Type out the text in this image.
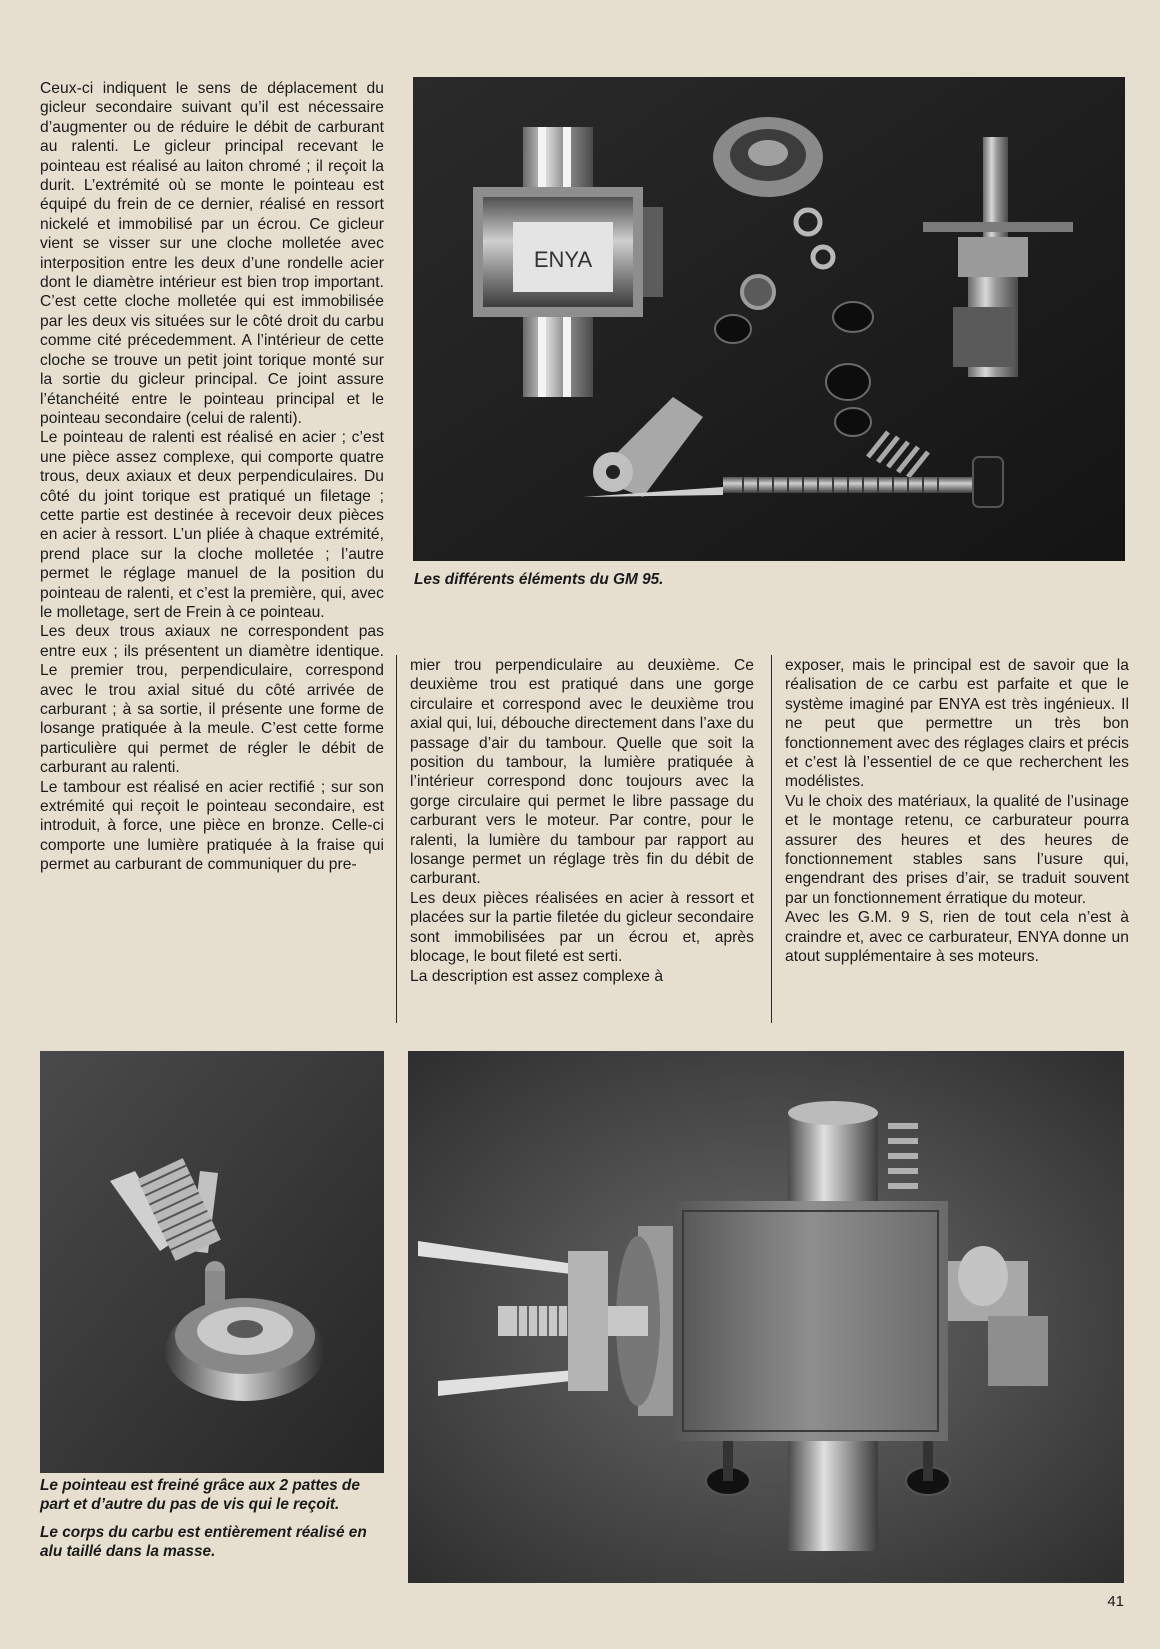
Ceux-ci indiquent le sens de déplacement du gicleur secondaire suivant qu’il est nécessaire d’augmenter ou de réduire le débit de carburant au ralenti. Le gicleur principal recevant le pointeau est réalisé au laiton chromé ; il reçoit la durit. L’extrémité où se monte le pointeau est équipé du frein de ce dernier, réalisé en ressort nickelé et immobilisé par un écrou. Ce gicleur vient se visser sur une cloche molletée avec interposition entre les deux d’une rondelle acier dont le diamètre intérieur est bien trop important. C’est cette cloche molletée qui est immobilisée par les deux vis situées sur le côté droit du carbu comme cité précedemment. A l’intérieur de cette cloche se trouve un petit joint torique monté sur la sortie du gicleur principal. Ce joint assure l’étanchéité entre le pointeau principal et le pointeau secondaire (celui de ralenti).

Le pointeau de ralenti est réalisé en acier ; c’est une pièce assez complexe, qui comporte quatre trous, deux axiaux et deux perpendiculaires. Du côté du joint torique est pratiqué un filetage ; cette partie est destinée à recevoir deux pièces en acier à ressort. L’un pliée à chaque extrémité, prend place sur la cloche molletée ; l’autre permet le réglage manuel de la position du pointeau de ralenti, et c’est la première, qui, avec le molletage, sert de Frein à ce pointeau.

Les deux trous axiaux ne correspondent pas entre eux ; ils présentent un diamètre identique. Le premier trou, perpendiculaire, correspond avec le trou axial situé du côté arrivée de carburant ; à sa sortie, il présente une forme de losange pratiquée à la meule. C’est cette forme particulière qui permet de régler le débit de carburant au ralenti.

Le tambour est réalisé en acier rectifié ; sur son extrémité qui reçoit le pointeau secondaire, est introduit, à force, une pièce en bronze. Celle-ci comporte une lumière pratiquée à la fraise qui permet au carburant de communiquer du pre-

ENYA

Les différents éléments du GM 95.

mier trou perpendiculaire au deuxième. Ce deuxième trou est pratiqué dans une gorge circulaire et correspond avec le deuxième trou axial qui, lui, débouche directement dans l’axe du passage d’air du tambour. Quelle que soit la position du tambour, la lumière pratiquée à l’intérieur correspond donc toujours avec la gorge circulaire qui permet le libre passage du carburant vers le moteur. Par contre, pour le ralenti, la lumière du tambour par rapport au losange permet un réglage très fin du débit de carburant.

Les deux pièces réalisées en acier à ressort et placées sur la partie filetée du gicleur secondaire sont immobilisées par un écrou et, après blocage, le bout fileté est serti.

La description est assez complexe à

exposer, mais le principal est de savoir que la réalisation de ce carbu est parfaite et que le système imaginé par ENYA est très ingénieux. Il ne peut que permettre un très bon fonctionnement avec des réglages clairs et précis et c’est là l’essentiel de ce que recherchent les modélistes.

Vu le choix des matériaux, la qualité de l’usinage et le montage retenu, ce carburateur pourra assurer des heures et des heures de fonctionnement stables sans l’usure qui, engendrant des prises d’air, se traduit souvent par un fonctionnement érratique du moteur.

Avec les G.M. 9 S, rien de tout cela n’est à craindre et, avec ce carburateur, ENYA donne un atout supplémentaire à ses moteurs.

Le pointeau est freiné grâce aux 2 pattes de part et d’autre du pas de vis qui le reçoit.

Le corps du carbu est entièrement réalisé en alu taillé dans la masse.

41
